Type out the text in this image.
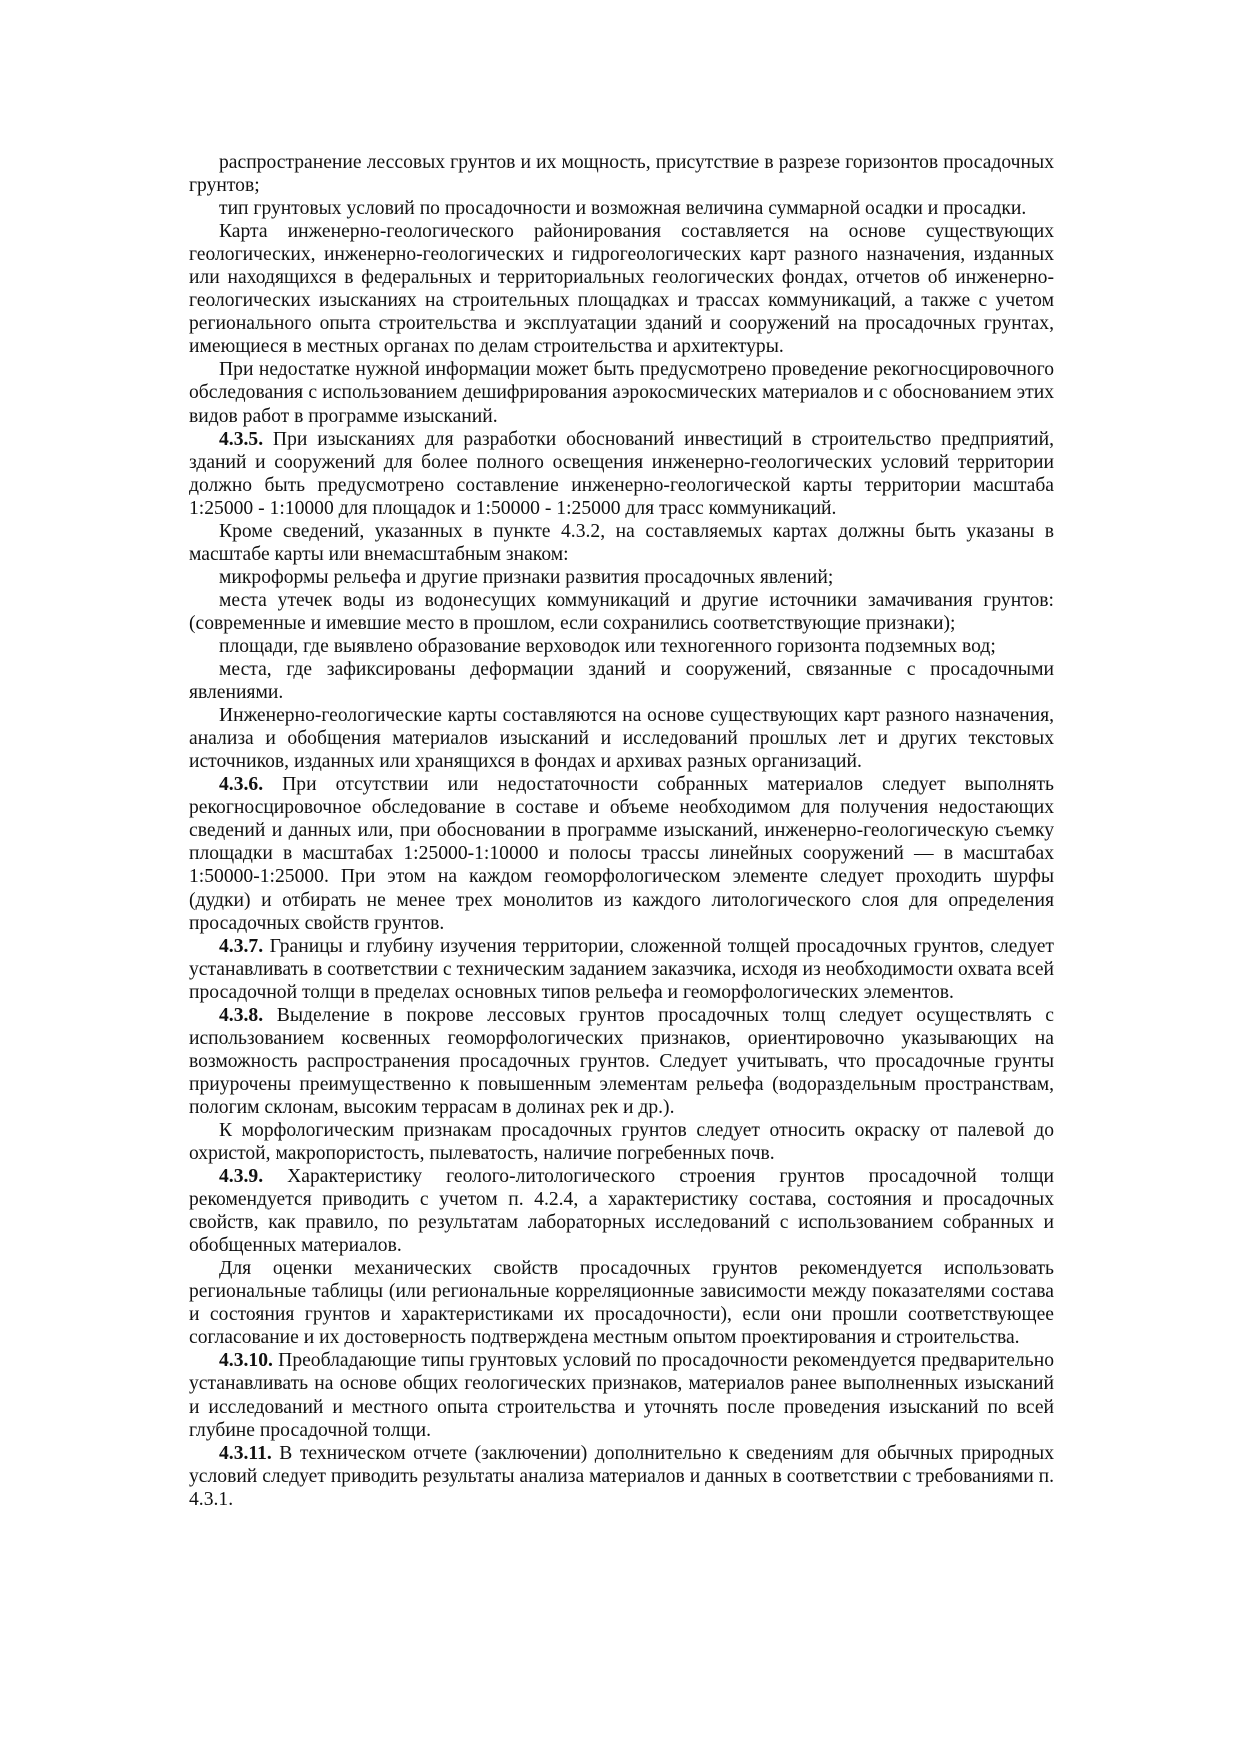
распространение лессовых грунтов и их мощность, присутствие в разрезе горизонтов просадочных грунтов;

тип грунтовых условий по просадочности и возможная величина суммарной осадки и просадки.

Карта инженерно-геологического районирования составляется на основе существующих геологических, инженерно-геологических и гидрогеологических карт разного назначения, изданных или находящихся в федеральных и территориальных геологических фондах, отчетов об инженерно-геологических изысканиях на строительных площадках и трассах коммуникаций, а также с учетом регионального опыта строительства и эксплуатации зданий и сооружений на просадочных грунтах, имеющиеся в местных органах по делам строительства и архитектуры.

При недостатке нужной информации может быть предусмотрено проведение рекогносцировочного обследования с использованием дешифрирования аэрокосмических материалов и с обоснованием этих видов работ в программе изысканий.

4.3.5. При изысканиях для разработки обоснований инвестиций в строительство предприятий, зданий и сооружений для более полного освещения инженерно-геологических условий территории должно быть предусмотрено составление инженерно-геологической карты территории масштаба 1:25000 - 1:10000 для площадок и 1:50000 - 1:25000 для трасс коммуникаций.

Кроме сведений, указанных в пункте 4.3.2, на составляемых картах должны быть указаны в масштабе карты или внемасштабным знаком:

микроформы рельефа и другие признаки развития просадочных явлений;

места утечек воды из водонесущих коммуникаций и другие источники замачивания грунтов: (современные и имевшие место в прошлом, если сохранились соответствующие признаки);

площади, где выявлено образование верховодок или техногенного горизонта подземных вод;

места, где зафиксированы деформации зданий и сооружений, связанные с просадочными явлениями.

Инженерно-геологические карты составляются на основе существующих карт разного назначения, анализа и обобщения материалов изысканий и исследований прошлых лет и других текстовых источников, изданных или хранящихся в фондах и архивах разных организаций.

4.3.6. При отсутствии или недостаточности собранных материалов следует выполнять рекогносцировочное обследование в составе и объеме необходимом для получения недостающих сведений и данных или, при обосновании в программе изысканий, инженерно-геологическую съемку площадки в масштабах 1:25000-1:10000 и полосы трассы линейных сооружений — в масштабах 1:50000-1:25000. При этом на каждом геоморфологическом элементе следует проходить шурфы (дудки) и отбирать не менее трех монолитов из каждого литологического слоя для определения просадочных свойств грунтов.

4.3.7. Границы и глубину изучения территории, сложенной толщей просадочных грунтов, следует устанавливать в соответствии с техническим заданием заказчика, исходя из необходимости охвата всей просадочной толщи в пределах основных типов рельефа и геоморфологических элементов.

4.3.8. Выделение в покрове лессовых грунтов просадочных толщ следует осуществлять с использованием косвенных геоморфологических признаков, ориентировочно указывающих на возможность распространения просадочных грунтов. Следует учитывать, что просадочные грунты приурочены преимущественно к повышенным элементам рельефа (водораздельным пространствам, пологим склонам, высоким террасам в долинах рек и др.).

К морфологическим признакам просадочных грунтов следует относить окраску от палевой до охристой, макропористость, пылеватость, наличие погребенных почв.

4.3.9. Характеристику геолого-литологического строения грунтов просадочной толщи рекомендуется приводить с учетом п. 4.2.4, а характеристику состава, состояния и просадочных свойств, как правило, по результатам лабораторных исследований с использованием собранных и обобщенных материалов.

Для оценки механических свойств просадочных грунтов рекомендуется использовать региональные таблицы (или региональные корреляционные зависимости между показателями состава и состояния грунтов и характеристиками их просадочности), если они прошли соответствующее согласование и их достоверность подтверждена местным опытом проектирования и строительства.

4.3.10. Преобладающие типы грунтовых условий по просадочности рекомендуется предварительно устанавливать на основе общих геологических признаков, материалов ранее выполненных изысканий и исследований и местного опыта строительства и уточнять после проведения изысканий по всей глубине просадочной толщи.

4.3.11. В техническом отчете (заключении) дополнительно к сведениям для обычных природных условий следует приводить результаты анализа материалов и данных в соответствии с требованиями п. 4.3.1.
